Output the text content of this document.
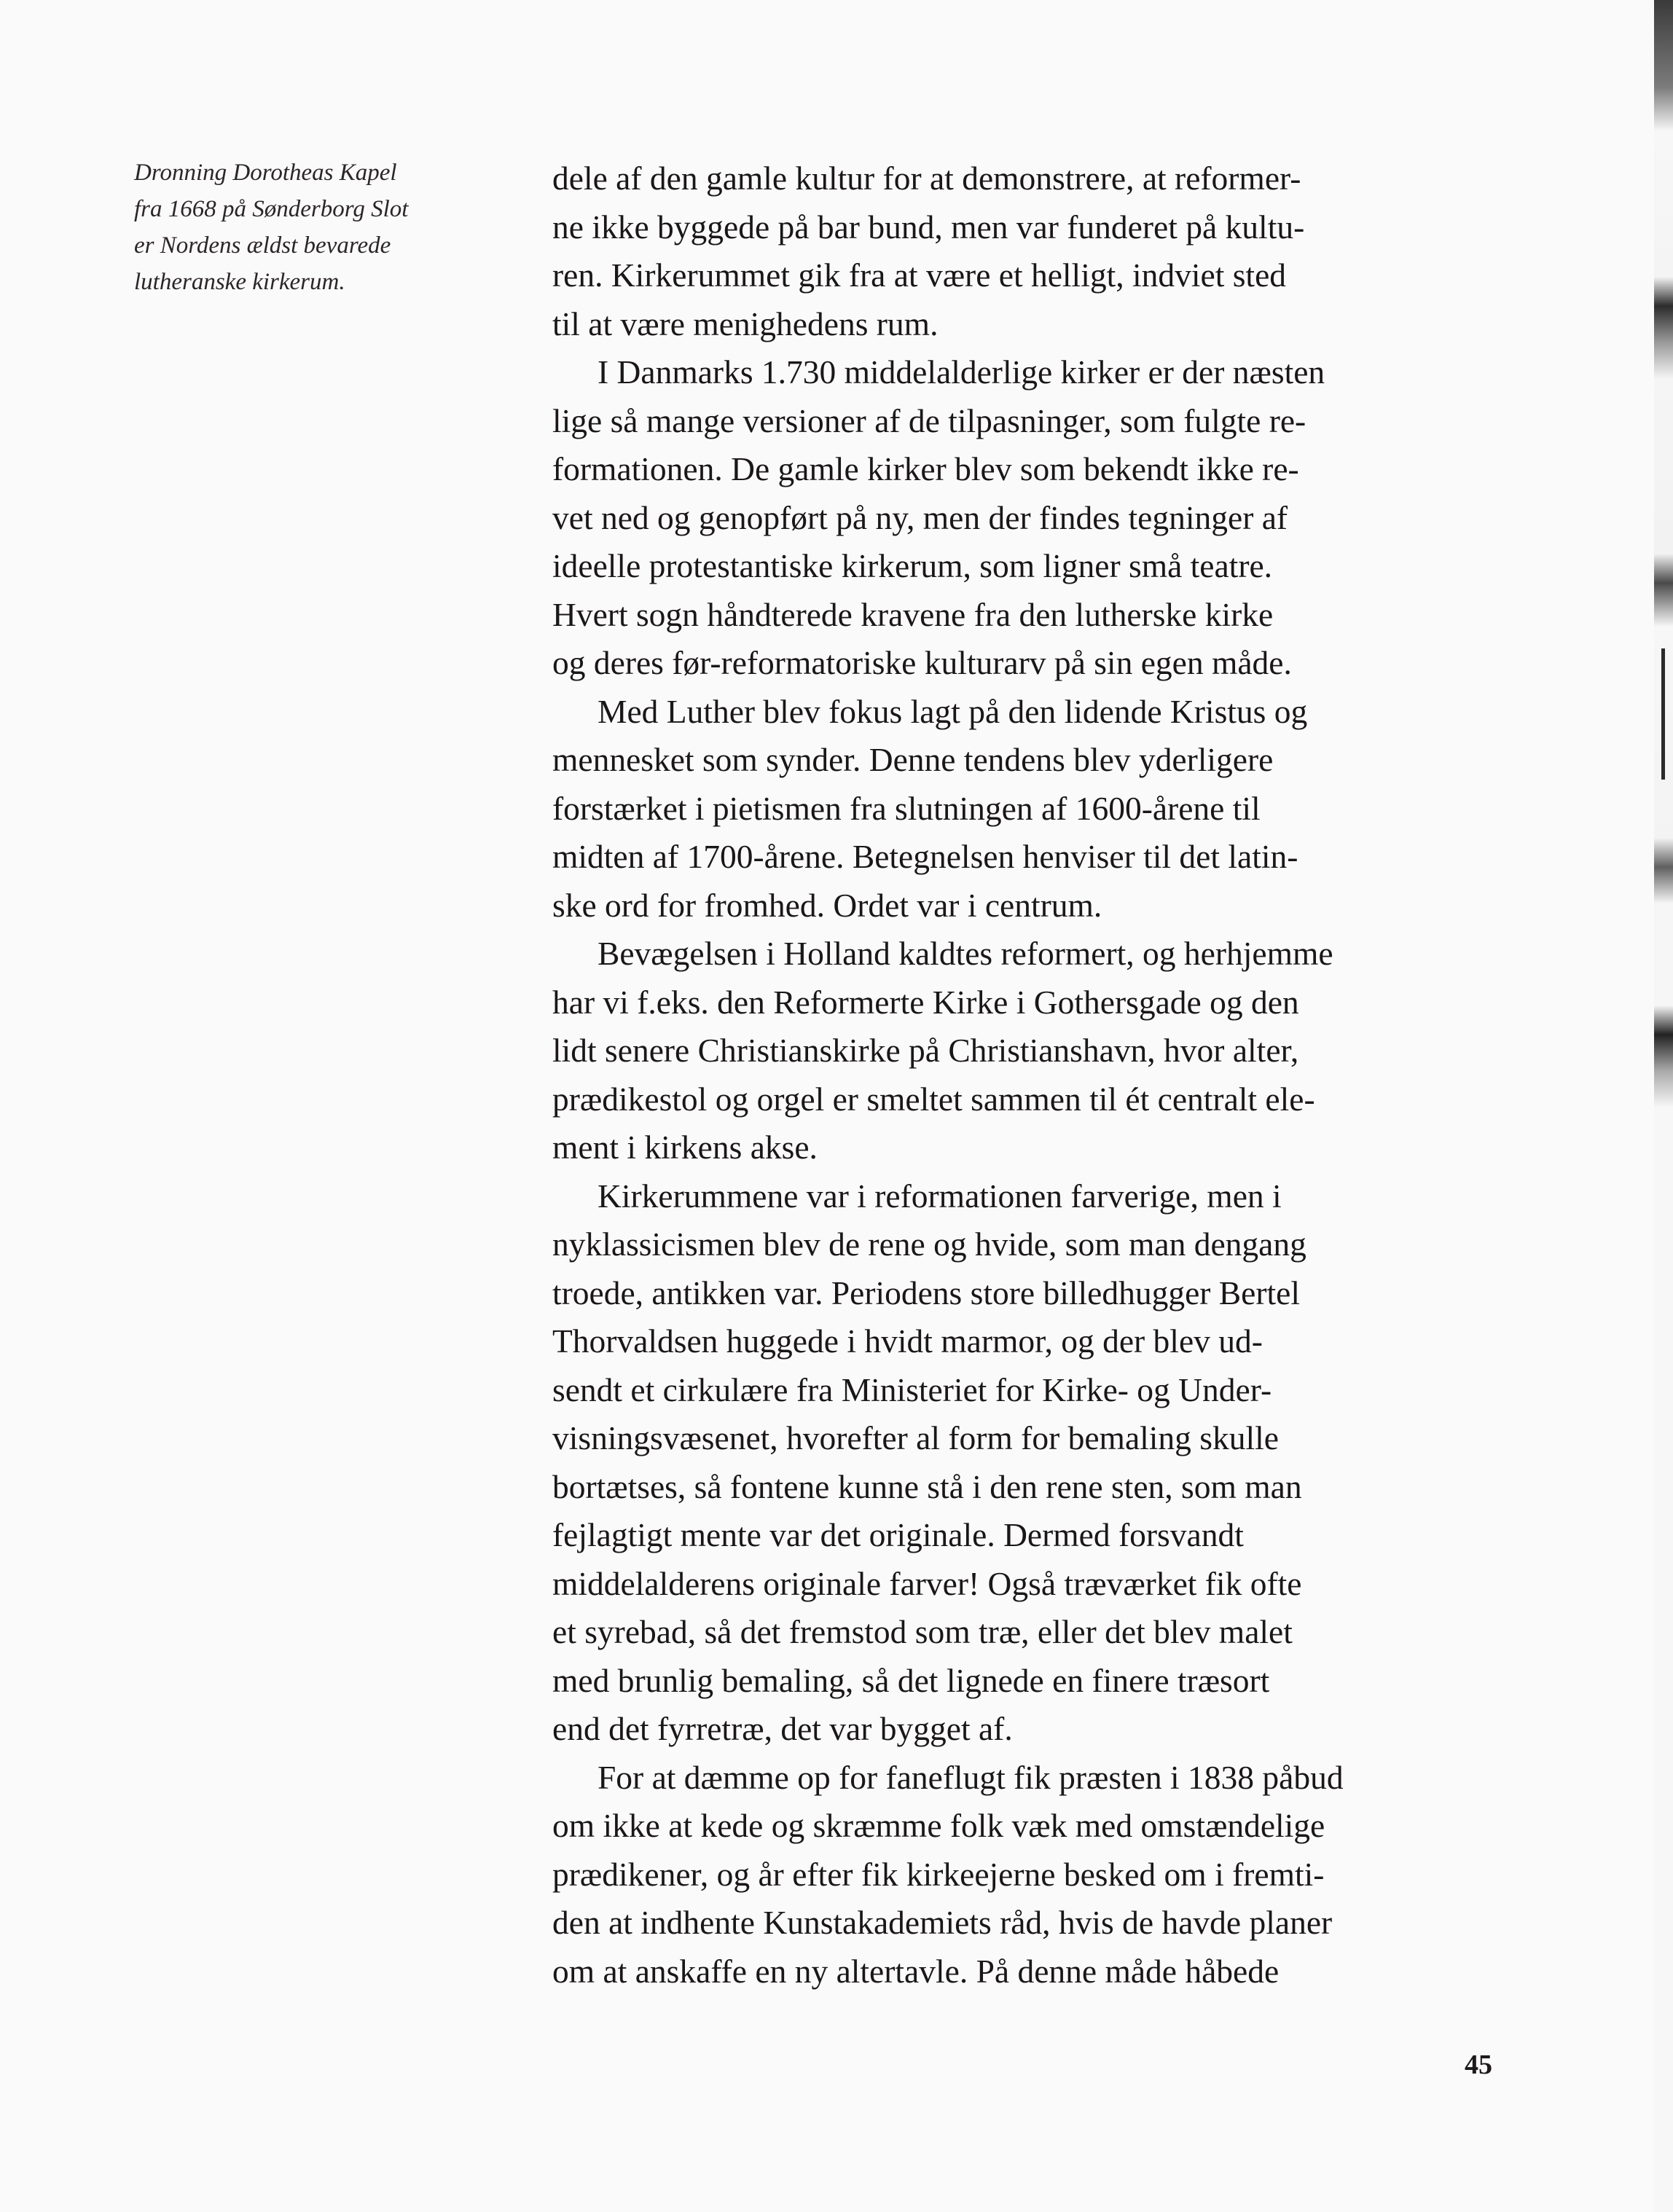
Dronning Dorotheas Kapel
fra 1668 på Sønderborg Slot
er Nordens ældst bevarede
lutheranske kirkerum.
dele af den gamle kultur for at demonstrere, at reformer-
ne ikke byggede på bar bund, men var funderet på kultu-
ren. Kirkerummet gik fra at være et helligt, indviet sted
til at være menighedens rum.
I Danmarks 1.730 middelalderlige kirker er der næsten
lige så mange versioner af de tilpasninger, som fulgte re-
formationen. De gamle kirker blev som bekendt ikke re-
vet ned og genopført på ny, men der findes tegninger af
ideelle protestantiske kirkerum, som ligner små teatre.
Hvert sogn håndterede kravene fra den lutherske kirke
og deres før-reformatoriske kulturarv på sin egen måde.
Med Luther blev fokus lagt på den lidende Kristus og
mennesket som synder. Denne tendens blev yderligere
forstærket i pietismen fra slutningen af 1600-årene til
midten af 1700-årene. Betegnelsen henviser til det latin-
ske ord for fromhed. Ordet var i centrum.
Bevægelsen i Holland kaldtes reformert, og herhjemme
har vi f.eks. den Reformerte Kirke i Gothersgade og den
lidt senere Christianskirke på Christianshavn, hvor alter,
prædikestol og orgel er smeltet sammen til ét centralt ele-
ment i kirkens akse.
Kirkerummene var i reformationen farverige, men i
nyklassicismen blev de rene og hvide, som man dengang
troede, antikken var. Periodens store billedhugger Bertel
Thorvaldsen huggede i hvidt marmor, og der blev ud-
sendt et cirkulære fra Ministeriet for Kirke- og Under-
visningsvæsenet, hvorefter al form for bemaling skulle
bortætses, så fontene kunne stå i den rene sten, som man
fejlagtigt mente var det originale. Dermed forsvandt
middelalderens originale farver! Også træværket fik ofte
et syrebad, så det fremstod som træ, eller det blev malet
med brunlig bemaling, så det lignede en finere træsort
end det fyrretræ, det var bygget af.
For at dæmme op for faneflugt fik præsten i 1838 påbud
om ikke at kede og skræmme folk væk med omstændelige
prædikener, og år efter fik kirkeejerne besked om i fremti-
den at indhente Kunstakademiets råd, hvis de havde planer
om at anskaffe en ny altertavle. På denne måde håbede
45
